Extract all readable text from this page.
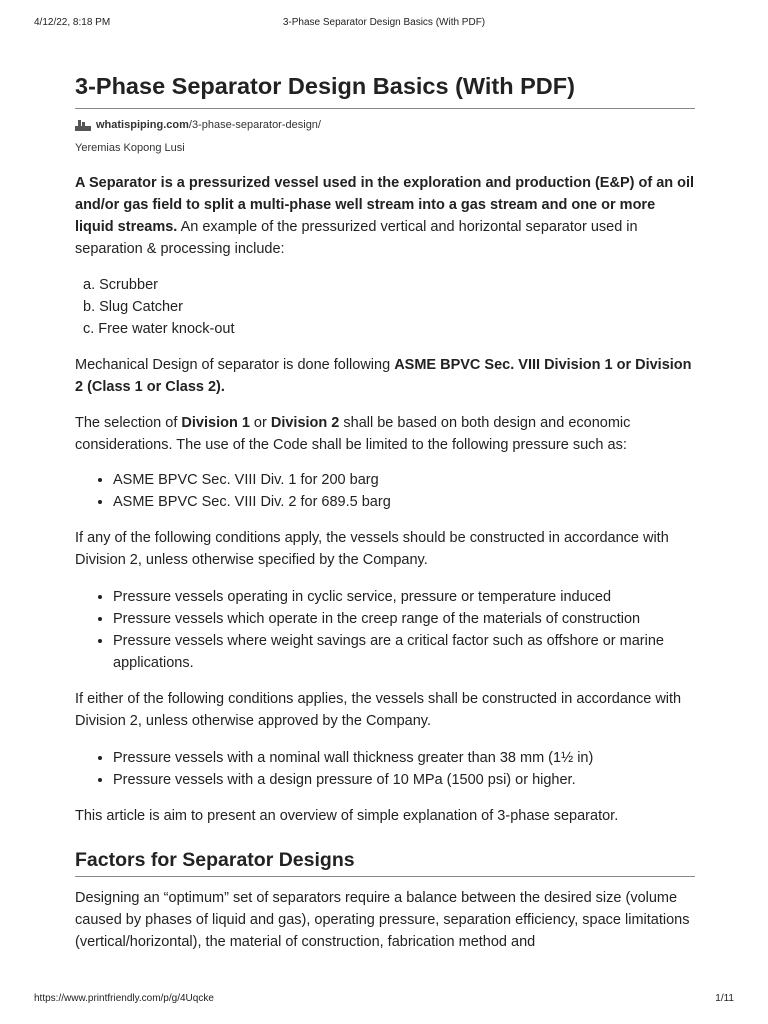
4/12/22, 8:18 PM	3-Phase Separator Design Basics (With PDF)
3-Phase Separator Design Basics (With PDF)
whatispiping.com/3-phase-separator-design/
Yeremias Kopong Lusi

A Separator is a pressurized vessel used in the exploration and production (E&P) of an oil and/or gas field to split a multi-phase well stream into a gas stream and one or more liquid streams. An example of the pressurized vertical and horizontal separator used in separation & processing include:

a. Scrubber
b. Slug Catcher
c. Free water knock-out

Mechanical Design of separator is done following ASME BPVC Sec. VIII Division 1 or Division 2 (Class 1 or Class 2).

The selection of Division 1 or Division 2 shall be based on both design and economic considerations. The use of the Code shall be limited to the following pressure such as:

• ASME BPVC Sec. VIII Div. 1 for 200 barg
• ASME BPVC Sec. VIII Div. 2 for 689.5 barg

If any of the following conditions apply, the vessels should be constructed in accordance with Division 2, unless otherwise specified by the Company.

• Pressure vessels operating in cyclic service, pressure or temperature induced
• Pressure vessels which operate in the creep range of the materials of construction
• Pressure vessels where weight savings are a critical factor such as offshore or marine applications.

If either of the following conditions applies, the vessels shall be constructed in accordance with Division 2, unless otherwise approved by the Company.

• Pressure vessels with a nominal wall thickness greater than 38 mm (1½ in)
• Pressure vessels with a design pressure of 10 MPa (1500 psi) or higher.

This article is aim to present an overview of simple explanation of 3-phase separator.

Factors for Separator Designs

Designing an “optimum” set of separators require a balance between the desired size (volume caused by phases of liquid and gas), operating pressure, separation efficiency, space limitations (vertical/horizontal), the material of construction, fabrication method and

https://www.printfriendly.com/p/g/4Uqcke	1/11
